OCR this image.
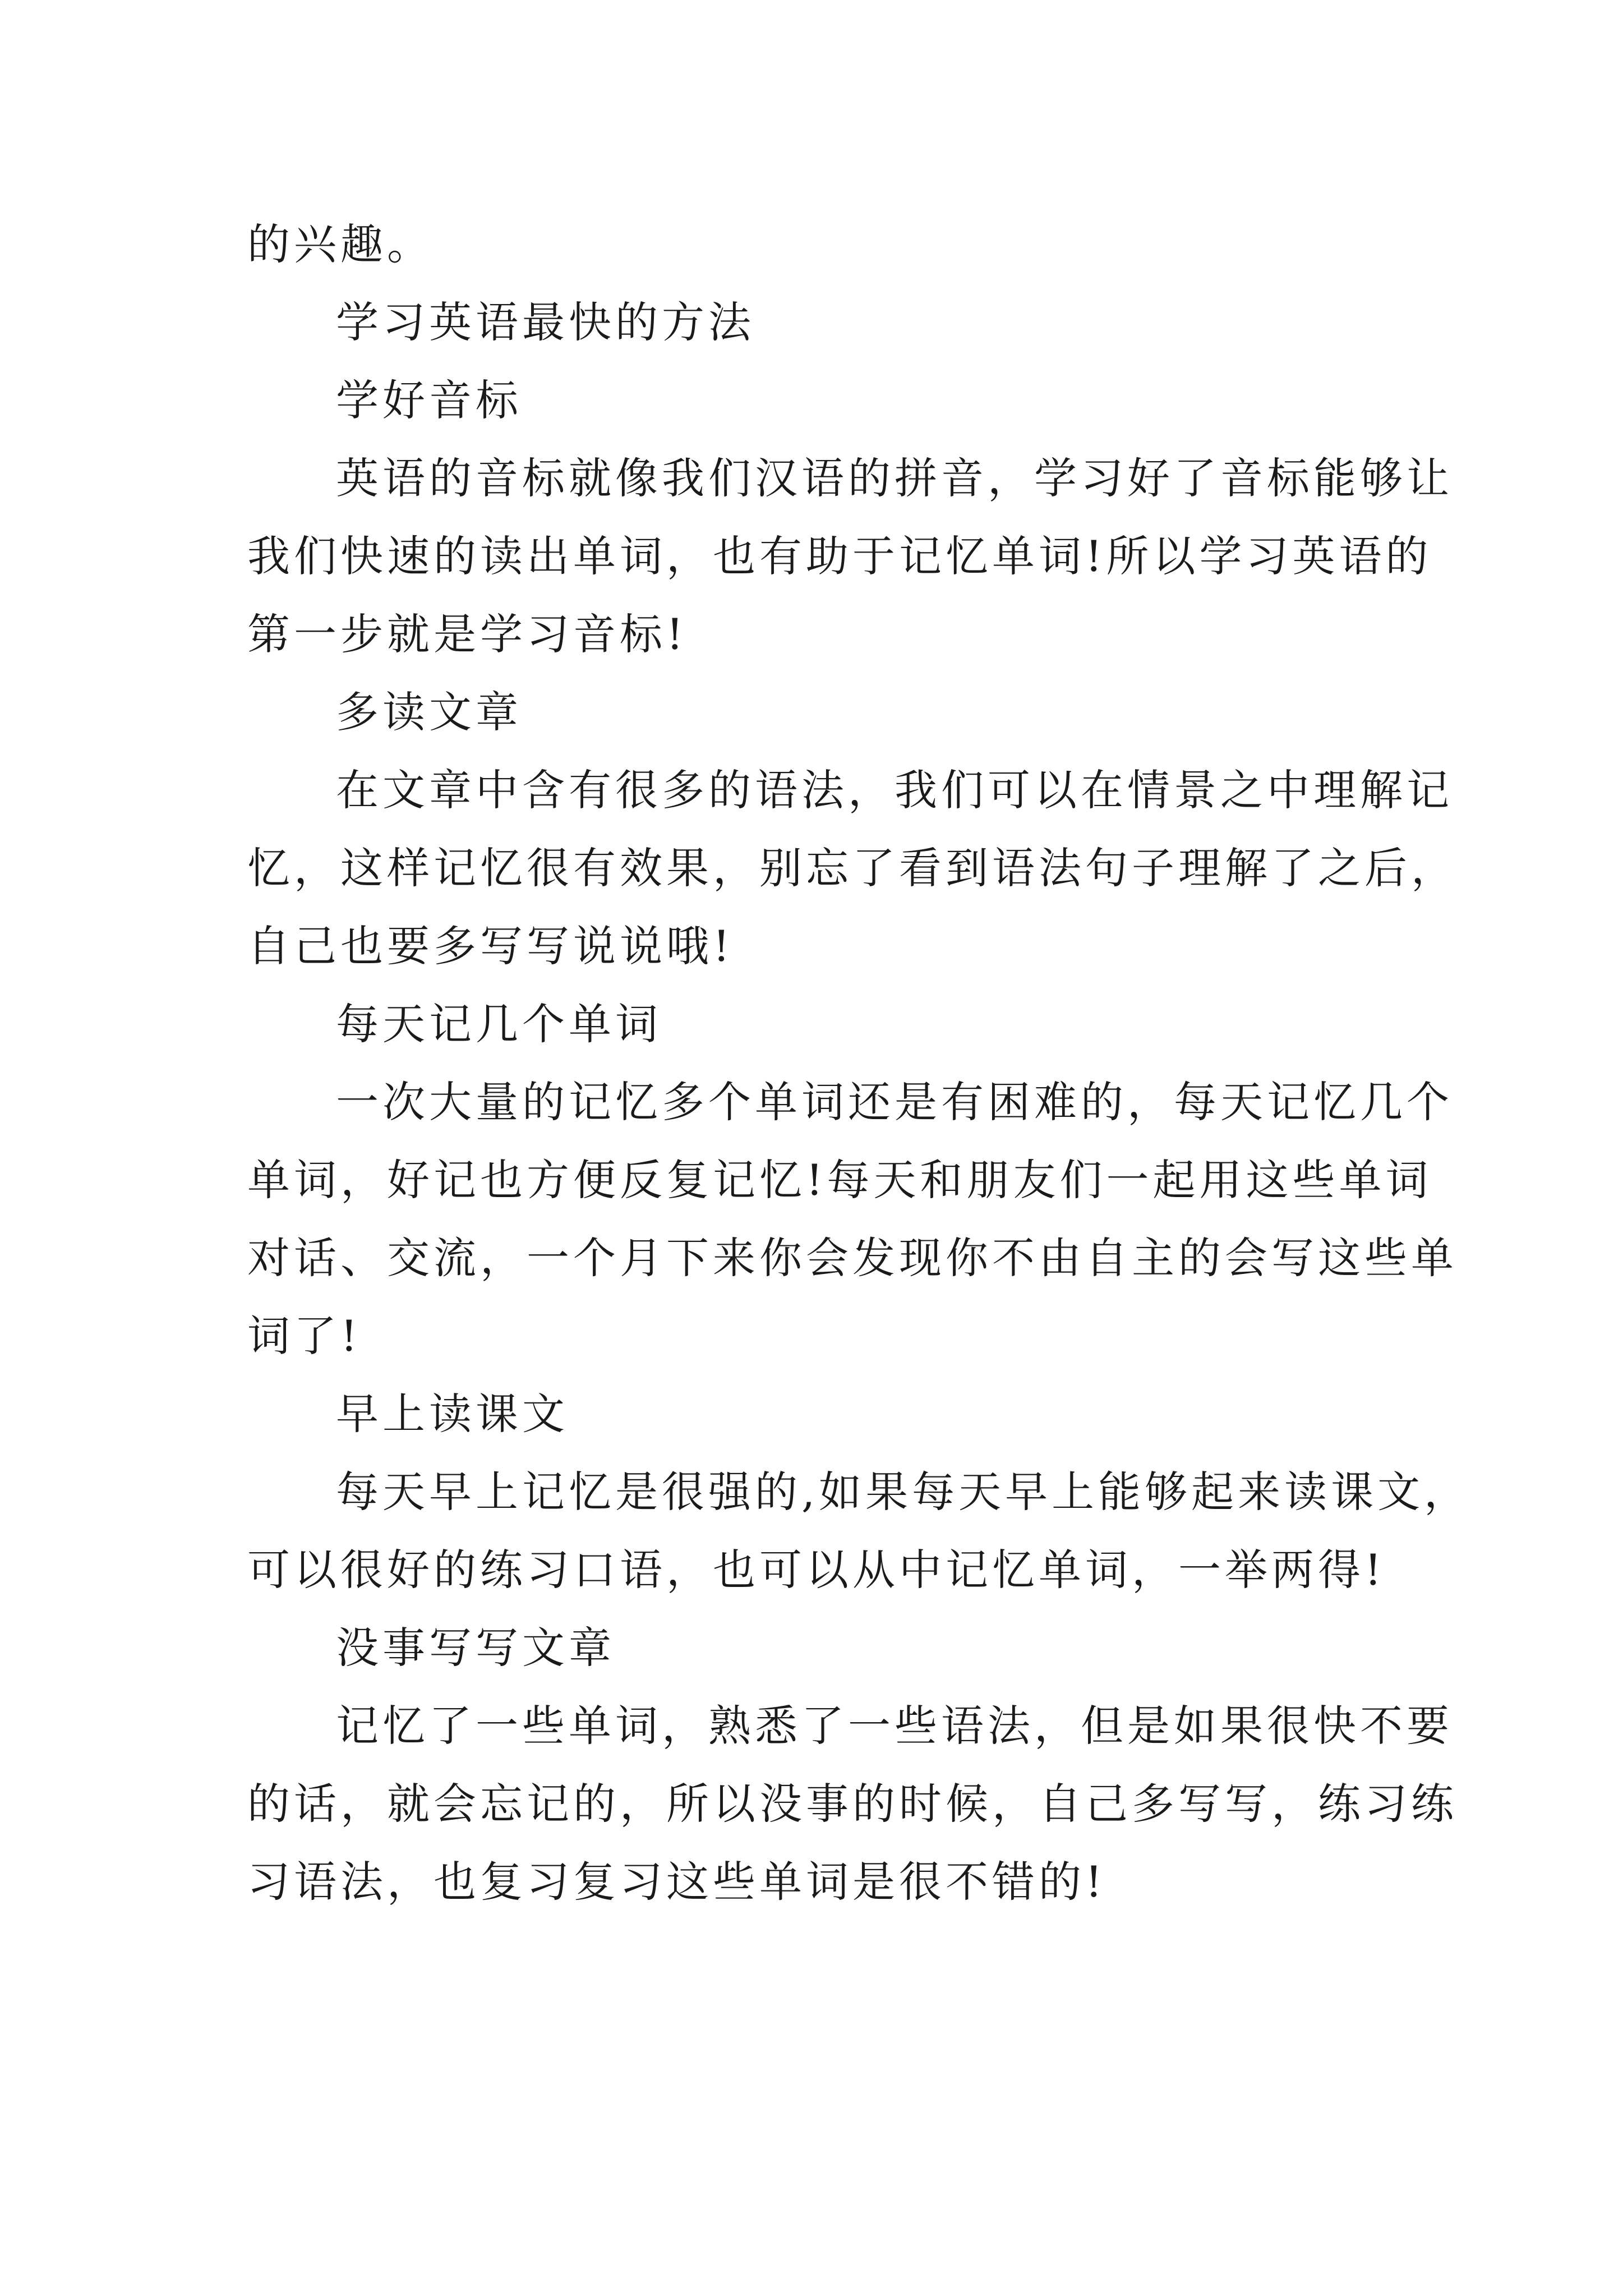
的兴趣。
学习英语最快的方法
学好音标
英语的音标就像我们汉语的拼音，学习好了音标能够让
我们快速的读出单词，也有助于记忆单词!所以学习英语的
第一步就是学习音标!
多读文章
在文章中含有很多的语法，我们可以在情景之中理解记
忆，这样记忆很有效果，别忘了看到语法句子理解了之后，
自己也要多写写说说哦!
每天记几个单词
一次大量的记忆多个单词还是有困难的，每天记忆几个
单词，好记也方便反复记忆!每天和朋友们一起用这些单词
对话、交流，一个月下来你会发现你不由自主的会写这些单
词了!
早上读课文
每天早上记忆是很强的,如果每天早上能够起来读课文，
可以很好的练习口语，也可以从中记忆单词，一举两得!
没事写写文章
记忆了一些单词，熟悉了一些语法，但是如果很快不要
的话，就会忘记的，所以没事的时候，自己多写写，练习练
习语法，也复习复习这些单词是很不错的!
